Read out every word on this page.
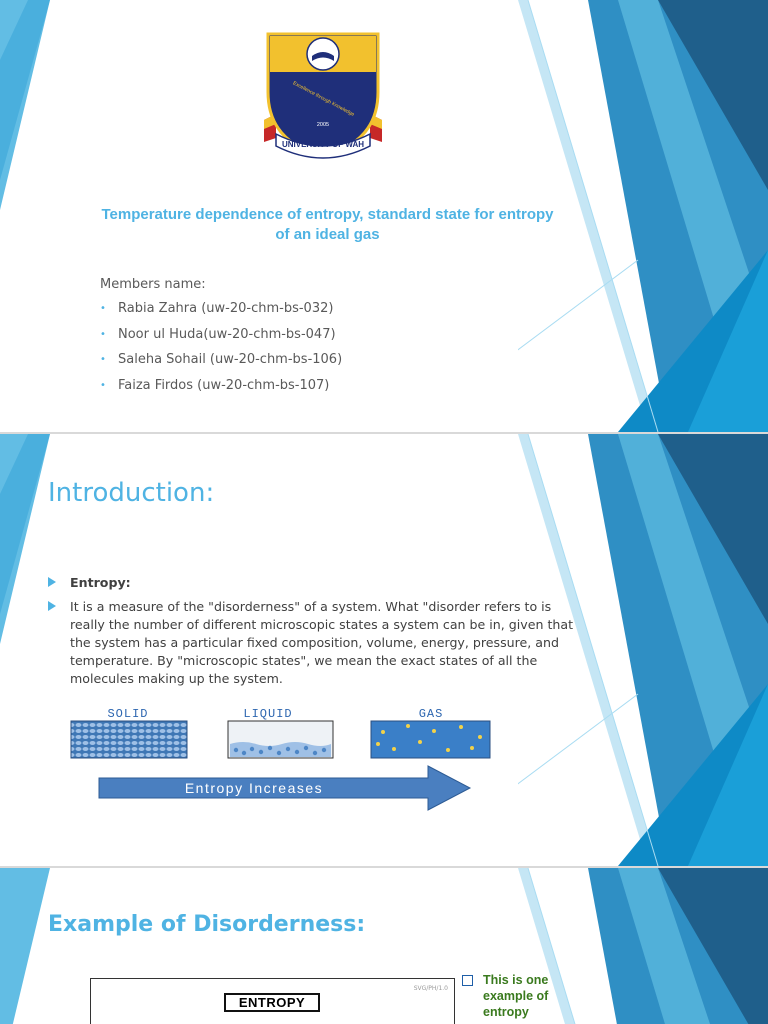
UNIVERSITY OF WAH
Excellence through Knowledge
2005
Temperature dependence of entropy, standard state for entropy of an ideal gas
Members name:
• Rabia Zahra (uw-20-chm-bs-032)
• Noor ul Huda(uw-20-chm-bs-047)
• Saleha Sohail (uw-20-chm-bs-106)
• Faiza Firdos (uw-20-chm-bs-107)
Introduction:
Entropy:
It is a measure of the "disorderness" of a system. What "disorder refers to is really the number of different microscopic states a system can be in, given that the system has a particular fixed composition, volume, energy, pressure, and temperature. By "microscopic states", we mean the exact states of all the molecules making up the system.
SOLID	LIQUID	GAS
Entropy Increases
Example of Disorderness:
SVG/PH/1.0
ENTROPY
This is one example of entropy
